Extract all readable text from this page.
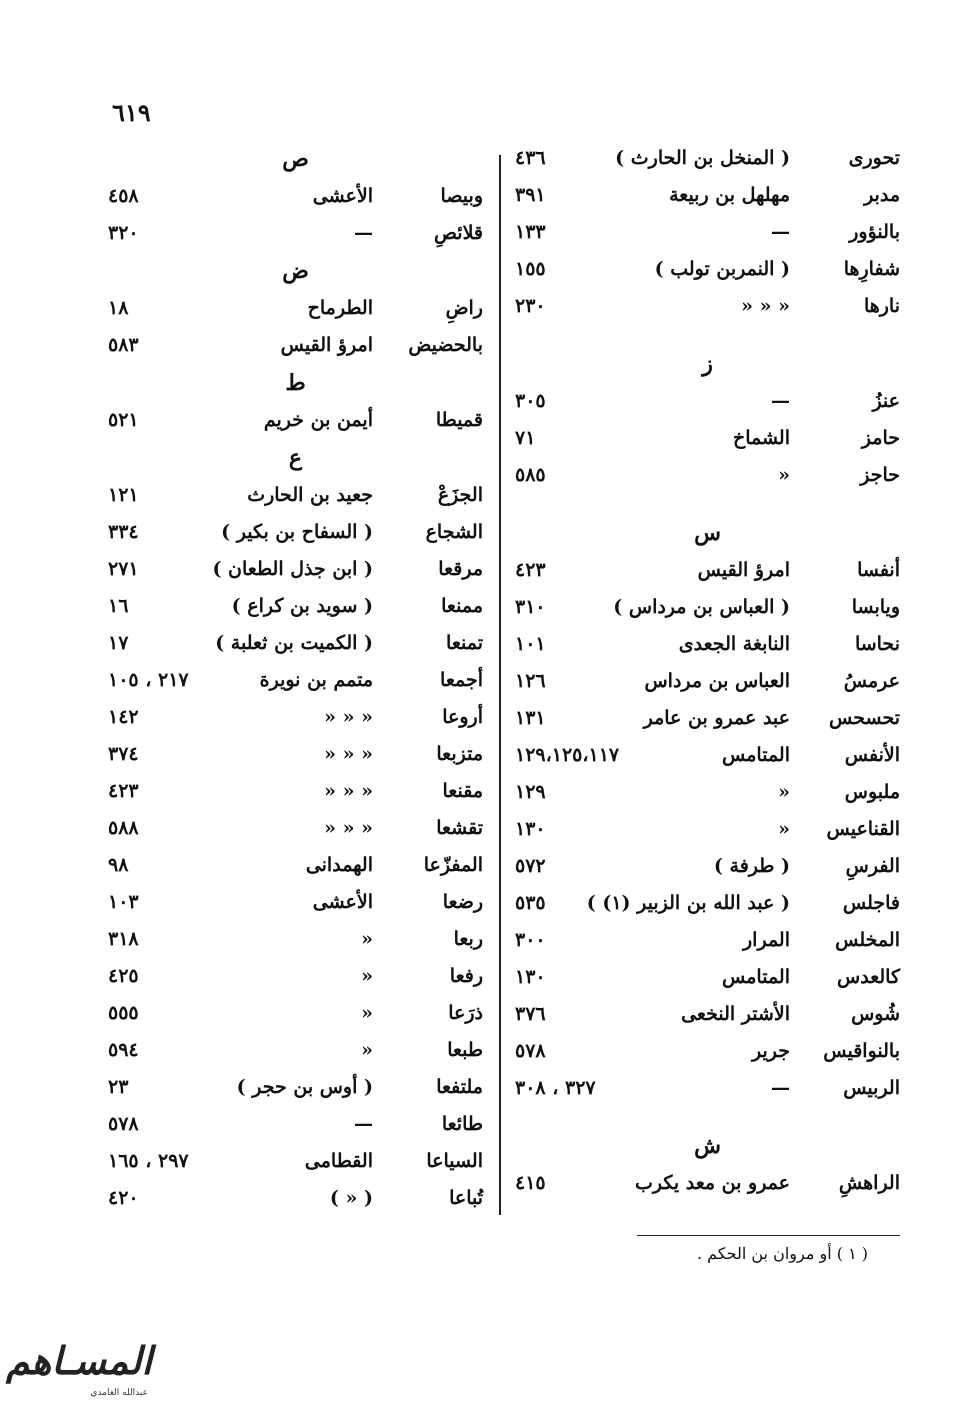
٦١٩
تحورى
( المنخل بن الحارث )
٤٣٦
مدبر
مهلهل بن ربيعة
٣٩١
بالنؤور
—
١٣٣
شفارِها
( النمربن تولب )
١٥٥
نارها
« « «
٢٣٠
ز
عنزُ
—
٣٠٥
حامز
الشماخ
٧١
حاجز
«
٥٨٥
س
أنفسا
امرؤ القيس
٤٢٣
ويابسا
( العباس بن مرداس )
٣١٠
نحاسا
النابغة الجعدى
١٠١
عرمسُ
العباس بن مرداس
١٢٦
تحسحس
عبد عمرو بن عامر
١٣١
الأنفس
المتامس
١٢٩،١٢٥،١١٧
ملبوس
«
١٢٩
القناعيس
«
١٣٠
الفرسِ
( طرفة )
٥٧٢
فاجلس
( عبد الله بن الزبير (١) )
٥٣٥
المخلس
المرار
٣٠٠
كالعدس
المتامس
١٣٠
شُوس
الأشتر النخعى
٣٧٦
بالنواقيس
جرير
٥٧٨
الربيس
—
٣٢٧ ، ٣٠٨
ش
الراهشِ
عمرو بن معد يكرب
٤١٥
ص
وبيصا
الأعشى
٤٥٨
قلائصِ
—
٣٢٠
ض
راضِ
الطرماح
١٨
بالحضيض
امرؤ القيس
٥٨٣
ط
قميطا
أيمن بن خريم
٥٢١
ع
الجزَعْ
جعيد بن الحارث
١٢١
الشجاع
( السفاح بن بكير )
٣٣٤
مرقعا
( ابن جذل الطعان )
٢٧١
ممنعا
( سويد بن كراع )
١٦
تمنعا
( الكميت بن ثعلبة )
١٧
أجمعا
متمم بن نويرة
٢١٧ ، ١٠٥
أروعا
« « «
١٤٢
متزبعا
« « «
٣٧٤
مقنعا
« « «
٤٢٣
تقشعا
« « «
٥٨٨
المفزّعا
الهمدانى
٩٨
رضعا
الأعشى
١٠٣
ربعا
«
٣١٨
رفعا
«
٤٢٥
ذرَعا
«
٥٥٥
طبعا
«
٥٩٤
ملتفعا
( أوس بن حجر )
٢٣
طائعا
—
٥٧٨
السياعا
القطامى
٢٩٧ ، ١٦٥
تُباعا
( « )
٤٢٠
( ١ ) أو مروان بن الحكم .
المسـاهم
عبدالله الغامدي
